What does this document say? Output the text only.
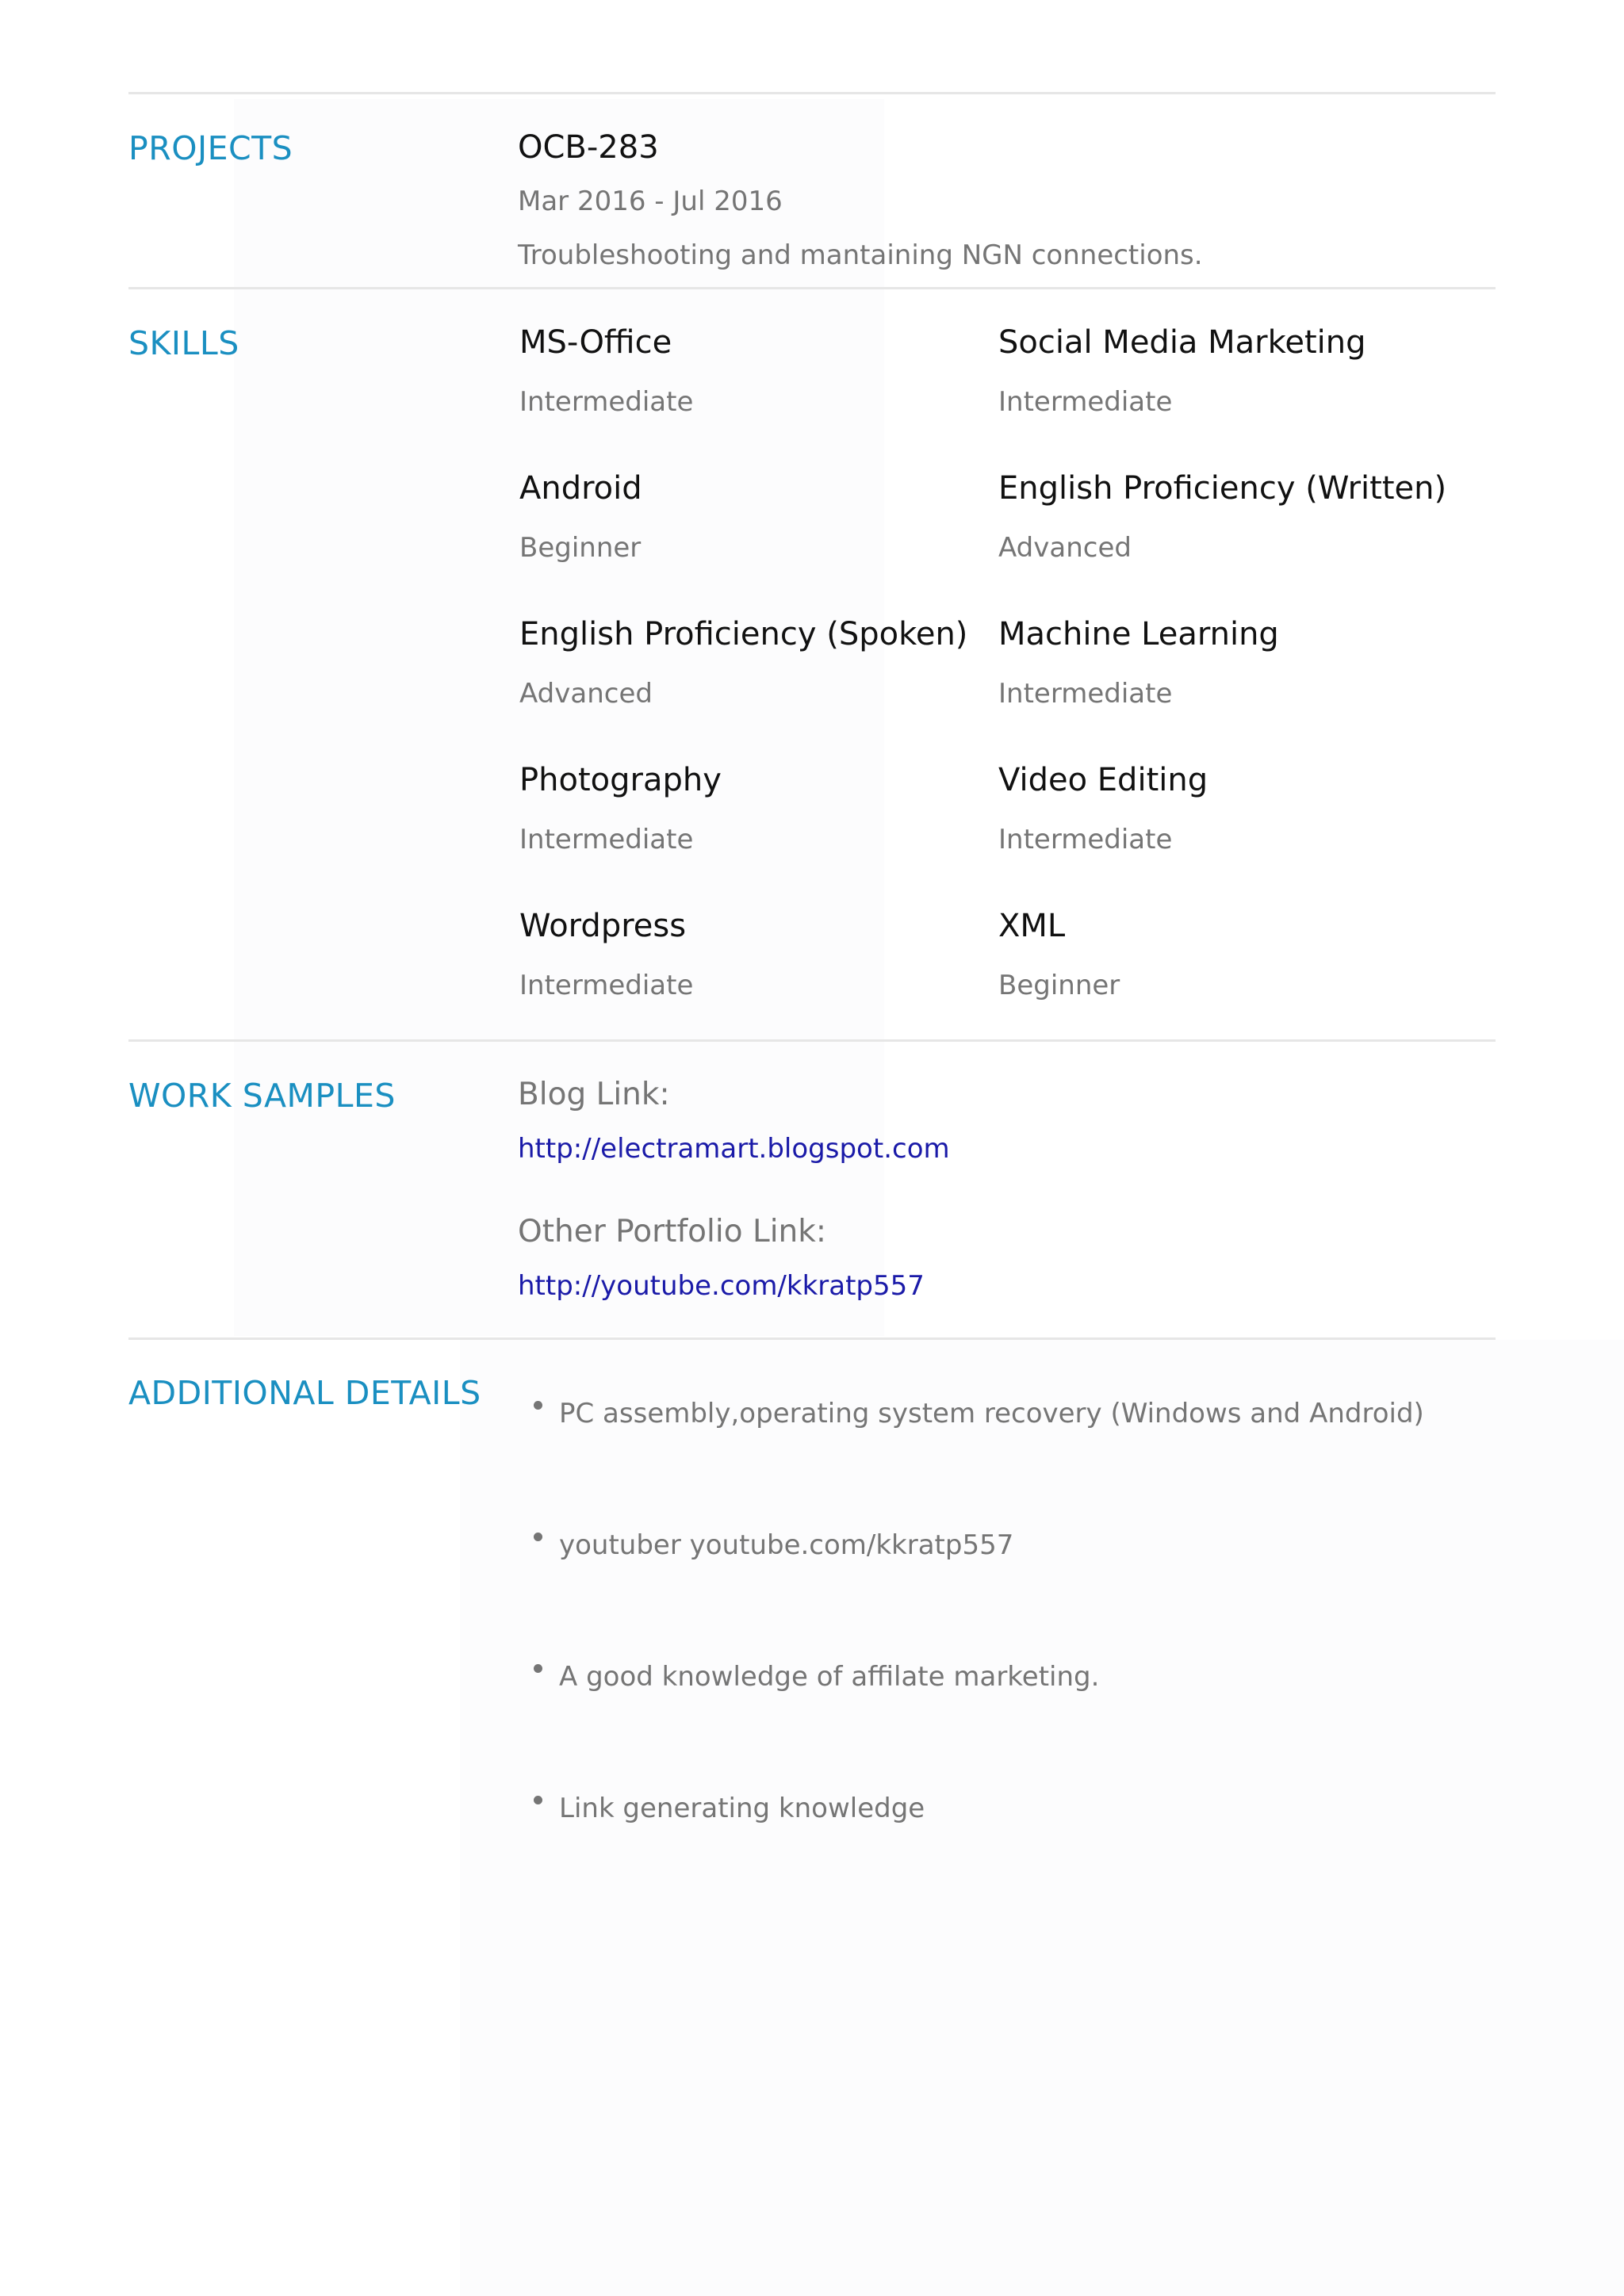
PROJECTS	OCB-283
Mar 2016 - Jul 2016
Troubleshooting and mantaining NGN connections.
SKILLS	MS-Office
Intermediate
Social Media Marketing
Intermediate
Android
Beginner
English Proficiency (Written)
Advanced
English Proficiency (Spoken)
Advanced
Machine Learning
Intermediate
Photography
Intermediate
Video Editing
Intermediate
Wordpress
Intermediate
XML
Beginner
WORK SAMPLES	Blog Link:
http://electramart.blogspot.com
Other Portfolio Link:
http://youtube.com/kkratp557
ADDITIONAL DETAILS
PC assembly,operating system recovery (Windows and Android)
youtuber youtube.com/kkratp557
A good knowledge of affilate marketing.
Link generating knowledge
